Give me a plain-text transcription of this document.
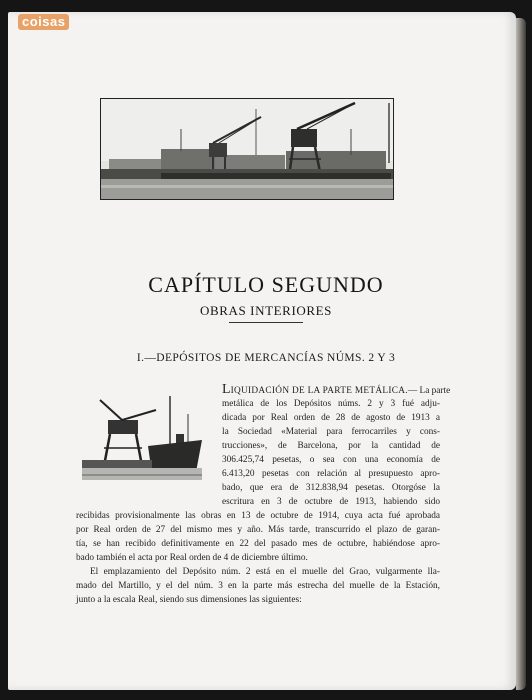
coisas
CAPÍTULO SEGUNDO
OBRAS INTERIORES
I.—DEPÓSITOS DE MERCANCÍAS NÚMS. 2 Y 3

LIQUIDACIÓN DE LA PARTE METÁLICA.— La parte

metálica de los Depósitos núms. 2 y 3 fué adju-

dicada por Real orden de 28 de agosto de 1913 a

la Sociedad «Material para ferrocarriles y cons-

trucciones», de Barcelona, por la cantidad de

306.425,74 pesetas, o sea con una economía de

6.413,20 pesetas con relación al presupuesto apro-

bado, que era de 312.838,94 pesetas. Otorgóse la

escritura en 3 de octubre de 1913, habiendo sido

recibidas provisionalmente las obras en 13 de octubre de 1914, cuya acta fué aprobada

por Real orden de 27 del mismo mes y año. Más tarde, transcurrido el plazo de garan-

tía, se han recibido definitivamente en 22 del pasado mes de octubre, habiéndose apro-

bado también el acta por Real orden de 4 de diciembre último.

El emplazamiento del Depósito núm. 2 está en el muelle del Grao, vulgarmente lla-

mado del Martillo, y el del núm. 3 en la parte más estrecha del muelle de la Estación,

junto a la escala Real, siendo sus dimensiones las siguientes:
